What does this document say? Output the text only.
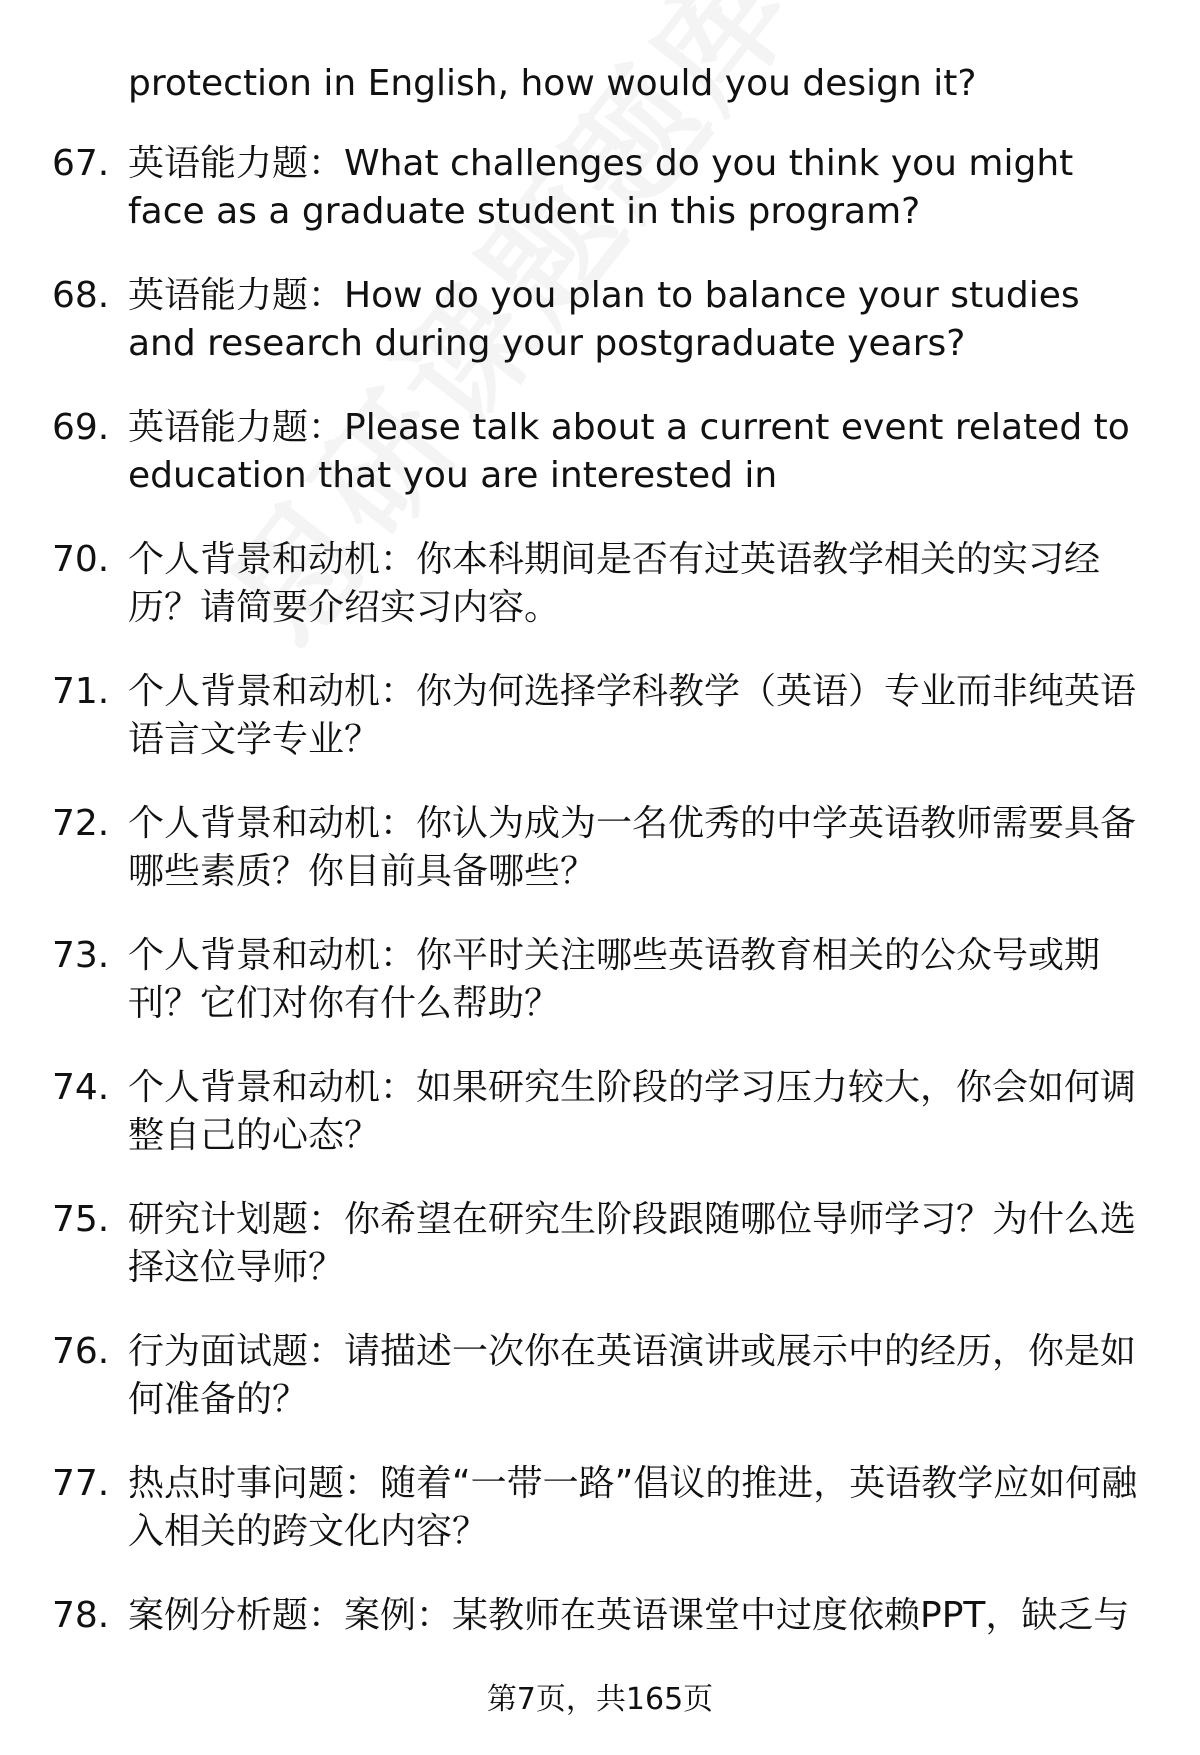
protection in English, how would you design it?
67. 英语能力题：What challenges do you think you might face as a graduate student in this program?
68. 英语能力题：How do you plan to balance your studies and research during your postgraduate years?
69. 英语能力题：Please talk about a current event related to education that you are interested in
70. 个人背景和动机：你本科期间是否有过英语教学相关的实习经历？请简要介绍实习内容。
71. 个人背景和动机：你为何选择学科教学（英语）专业而非纯英语语言文学专业？
72. 个人背景和动机：你认为成为一名优秀的中学英语教师需要具备哪些素质？你目前具备哪些？
73. 个人背景和动机：你平时关注哪些英语教育相关的公众号或期刊？它们对你有什么帮助？
74. 个人背景和动机：如果研究生阶段的学习压力较大，你会如何调整自己的心态？
75. 研究计划题：你希望在研究生阶段跟随哪位导师学习？为什么选择这位导师？
76. 行为面试题：请描述一次你在英语演讲或展示中的经历，你是如何准备的？
77. 热点时事问题：随着“一带一路”倡议的推进，英语教学应如何融入相关的跨文化内容？
78. 案例分析题：案例：某教师在英语课堂中过度依赖PPT，缺乏与
第7页，共165页
